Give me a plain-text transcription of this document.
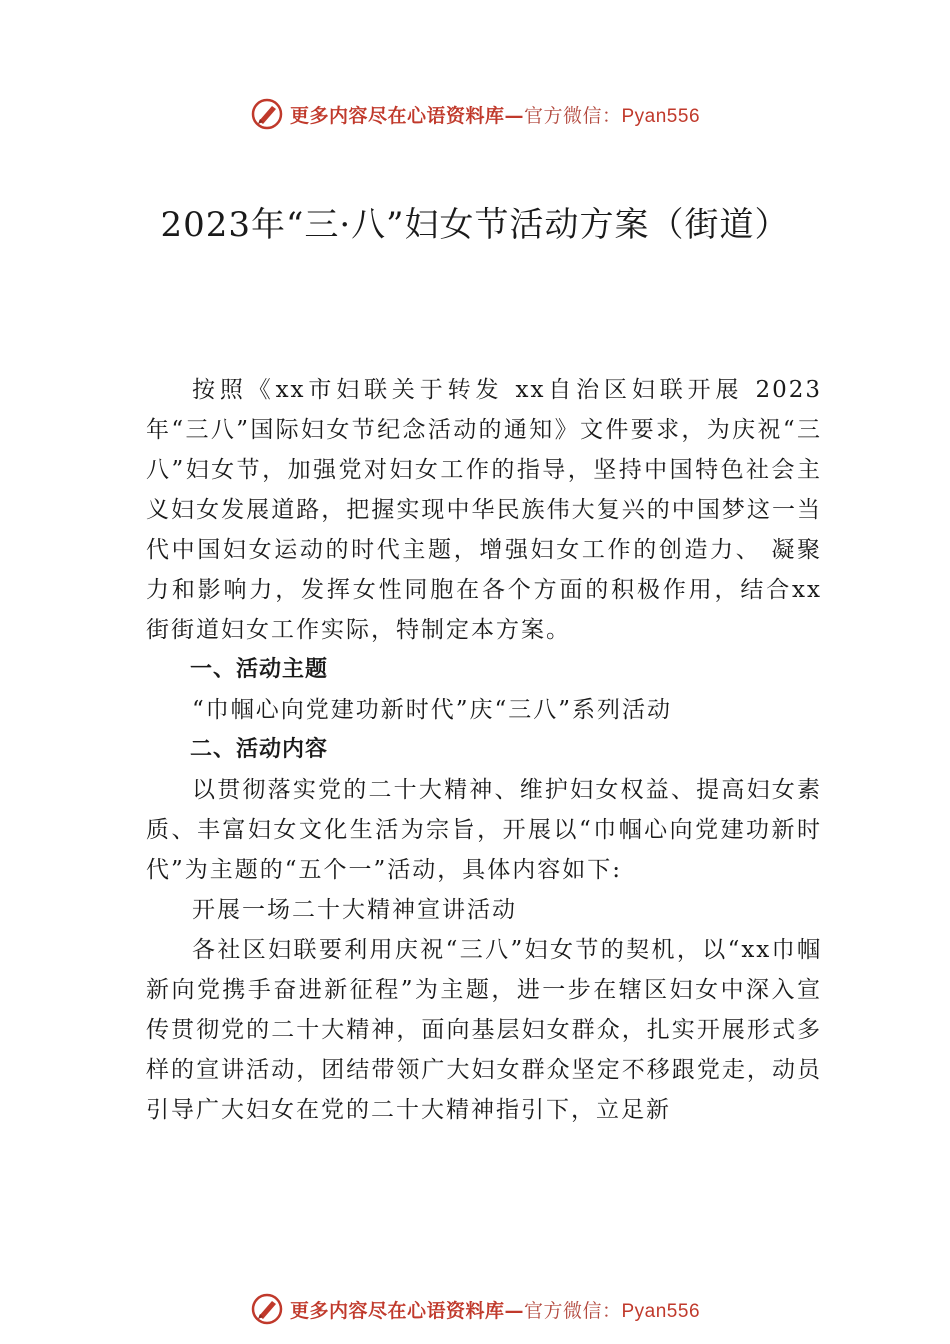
更多内容尽在心语资料库—官方微信：Pyan556
2023年“三·八”妇女节活动方案（街道）

按照《xx市妇联关于转发 xx自治区妇联开展 2023年“三八”国际妇女节纪念活动的通知》文件要求，为庆祝“三八”妇女节，加强党对妇女工作的指导，坚持中国特色社会主义妇女发展道路，把握实现中华民族伟大复兴的中国梦这一当代中国妇女运动的时代主题，增强妇女工作的创造力、 凝聚力和影响力，发挥女性同胞在各个方面的积极作用，结合xx街街道妇女工作实际，特制定本方案。

一、活动主题

“巾帼心向党建功新时代”庆“三八”系列活动

二、活动内容

以贯彻落实党的二十大精神、维护妇女权益、提高妇女素质、丰富妇女文化生活为宗旨，开展以“巾帼心向党建功新时代”为主题的“五个一”活动，具体内容如下:

开展一场二十大精神宣讲活动

各社区妇联要利用庆祝“三八”妇女节的契机，以“xx巾帼新向党携手奋进新征程”为主题，进一步在辖区妇女中深入宣传贯彻党的二十大精神，面向基层妇女群众，扎实开展形式多样的宣讲活动，团结带领广大妇女群众坚定不移跟党走，动员引导广大妇女在党的二十大精神指引下，立足新

更多内容尽在心语资料库—官方微信：Pyan556
